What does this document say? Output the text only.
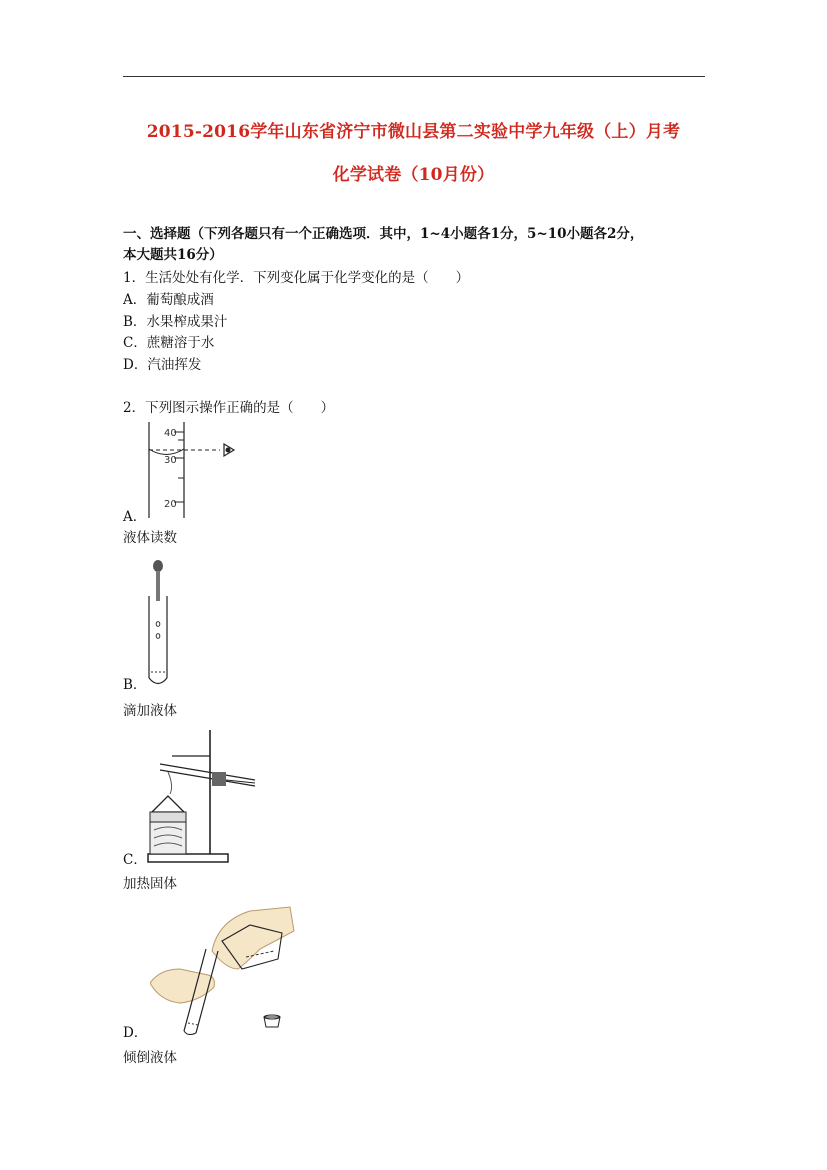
2015-2016学年山东省济宁市微山县第二实验中学九年级（上）月考
化学试卷（10月份）
一、选择题（下列各题只有一个正确选项．其中，1~4小题各1分，5~10小题各2分，
本大题共16分）
1．生活处处有化学．下列变化属于化学变化的是（　　）
A．葡萄酿成酒
B．水果榨成果汁
C．蔗糖溶于水
D．汽油挥发
2．下列图示操作正确的是（　　）
40
30
20
A．
液体读数
B．
滴加液体
C．
加热固体
D．
倾倒液体
